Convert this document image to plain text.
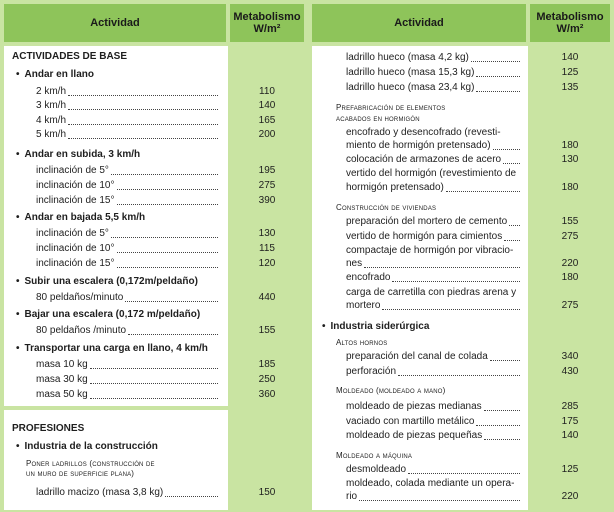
Actividad	Metabolismo
W/m²	Actividad	Metabolismo
W/m²
ACTIVIDADES DE BASE
• Andar en llano
2 km/h	110
3 km/h	140
4 km/h	165
5 km/h	200
• Andar en subida, 3 km/h
inclinación de 5°	195
inclinación de 10°	275
inclinación de 15°	390
• Andar en bajada 5,5 km/h
inclinación de 5°	130
inclinación de 10°	115
inclinación de 15°	120
• Subir una escalera (0,172m/peldaño)
80 peldaños/minuto	440
• Bajar una escalera (0,172 m/peldaño)
80 peldaños /minuto	155
• Transportar una carga en llano, 4 km/h
masa 10 kg	185
masa 30 kg	250
masa 50 kg	360
PROFESIONES
• Industria de la construcción
Poner ladrillos (construcción de
un muro de superficie plana)
ladrillo macizo (masa 3,8 kg)	150
ladrillo hueco (masa 4,2 kg)	140
ladrillo hueco (masa 15,3 kg)	125
ladrillo hueco (masa 23,4 kg)	135
Prefabricación de elementos
acabados en hormigón
encofrado y desencofrado (revesti-
miento de hormigón pretensado)	180
colocación de armazones de acero	130
vertido del hormigón (revestimiento de
hormigón pretensado)	180
Construcción de viviendas
preparación del mortero de cemento	155
vertido de hormigón para cimientos	275
compactaje de hormigón por vibracio-
nes	220
encofrado	180
carga de carretilla con piedras arena y
mortero	275
• Industria siderúrgica
Altos hornos
preparación del canal de colada	340
perforación	430
Moldeado (moldeado a mano)
moldeado de piezas medianas	285
vaciado con martillo metálico	175
moldeado de piezas pequeñas	140
Moldeado a máquina
desmoldeado	125
moldeado, colada mediante un opera-
rio	220
